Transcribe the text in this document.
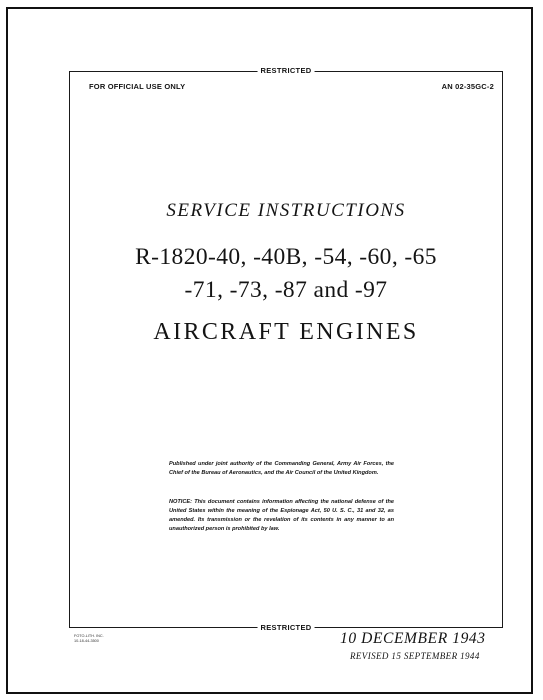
RESTRICTED
FOR OFFICIAL USE ONLY	AN 02-35GC-2
SERVICE INSTRUCTIONS
R-1820-40, -40B, -54, -60, -65
-71, -73, -87 and -97
AIRCRAFT ENGINES

Published under joint authority of the Commanding General, Army Air Forces, the Chief of the Bureau of Aeronautics, and the Air Council of the United Kingdom.

NOTICE: This document contains information affecting the national defense of the United States within the meaning of the Espionage Act, 50 U. S. C., 31 and 32, as amended. Its transmission or the revelation of its contents in any manner to an unauthorized person is prohibited by law.

RESTRICTED
FOTO-LITH. INC.
10-18-44-3500	10 DECEMBER 1943
REVISED 15 SEPTEMBER 1944
